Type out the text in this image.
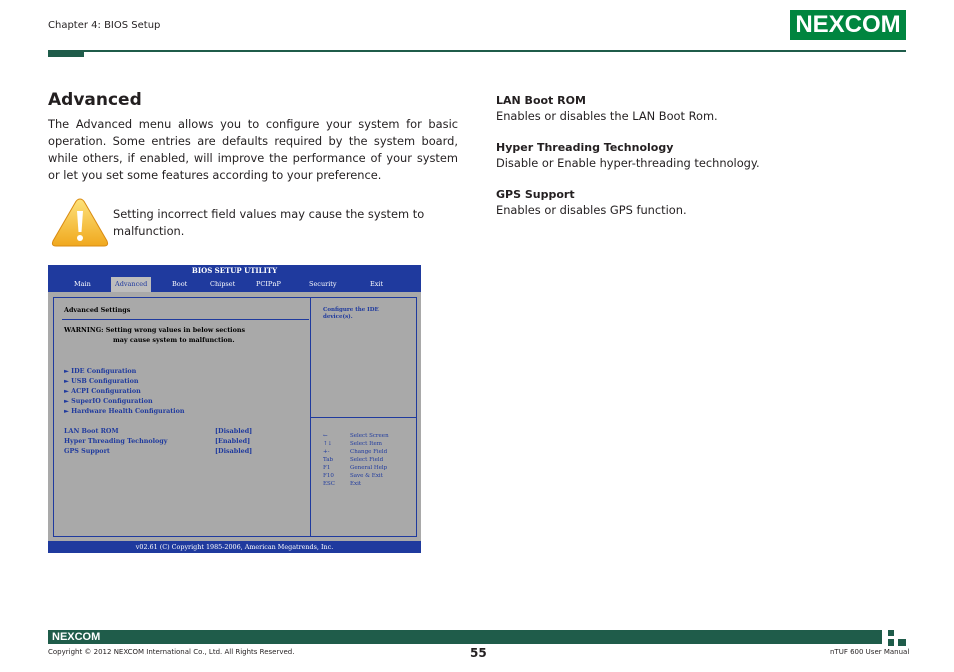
Chapter 4: BIOS Setup	NEXCOM
Advanced
The Advanced menu allows you to configure your system for basic operation. Some entries are defaults required by the system board, while others, if enabled, will improve the performance of your system or let you set some features according to your preference.
Setting incorrect field values may cause the system to malfunction.
BIOS SETUP UTILITY
Main	Advanced	Boot	Chipset	PCIPnP	Security	Exit
Advanced Settings
WARNING: Setting wrong values in below sections
may cause system to malfunction.
► IDE Configuration
► USB Configuration
► ACPI Configuration
► SuperIO Configuration
► Hardware Health Configuration
LAN Boot ROM	[Disabled]
Hyper Threading Technology	[Enabled]
GPS Support	[Disabled]
Configure the IDE
device(s).
←	Select Screen
↑↓	Select Item
+-	Change Field
Tab	Select Field
F1	General Help
F10	Save & Exit
ESC	Exit
v02.61 (C) Copyright 1985-2006, American Megatrends, Inc.
LAN Boot ROM
Enables or disables the LAN Boot Rom.
Hyper Threading Technology
Disable or Enable hyper-threading technology.
GPS Support
Enables or disables GPS function.
NEXCOM
Copyright © 2012 NEXCOM International Co., Ltd. All Rights Reserved.	55	nTUF 600 User Manual
